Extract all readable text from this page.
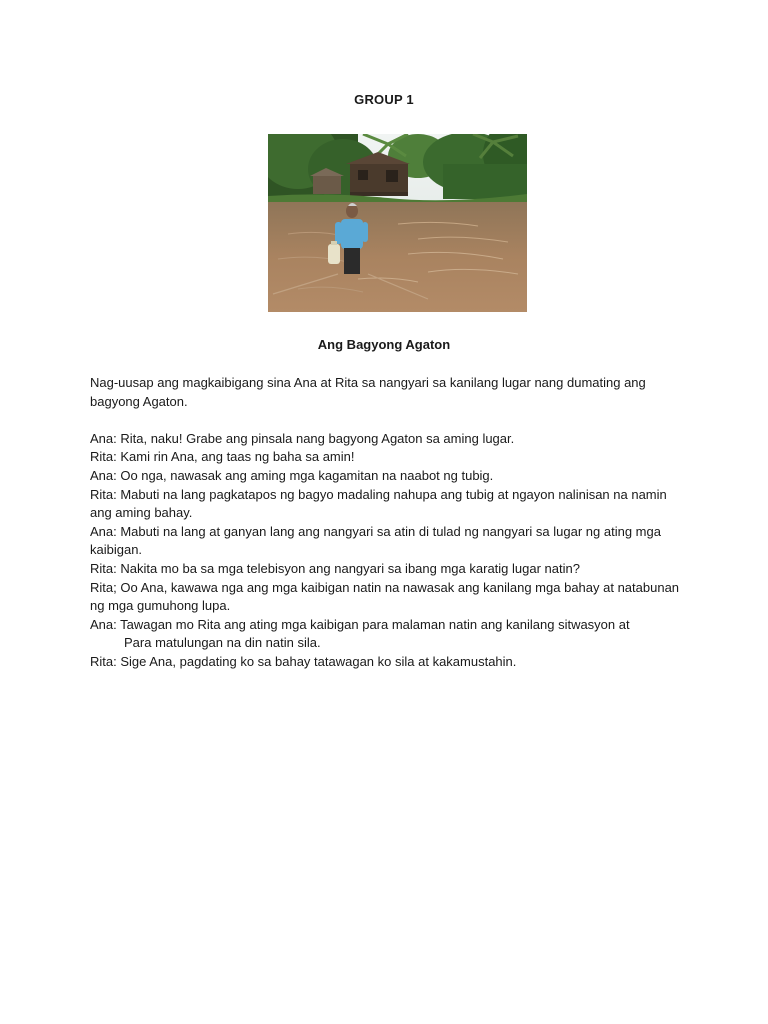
GROUP 1
Ang Bagyong Agaton

Nag-uusap ang magkaibigang sina Ana at Rita sa nangyari sa kanilang lugar nang dumating ang bagyong Agaton.

Ana: Rita, naku! Grabe ang pinsala nang bagyong Agaton sa aming lugar.

Rita: Kami rin Ana, ang taas ng baha sa amin!

Ana: Oo nga, nawasak ang aming mga kagamitan na naabot ng tubig.

Rita: Mabuti na lang pagkatapos ng bagyo madaling nahupa ang tubig at ngayon nalinisan na namin ang aming bahay.

Ana: Mabuti na lang at ganyan lang ang nangyari sa atin di tulad ng nangyari sa lugar ng ating mga kaibigan.

Rita: Nakita mo ba sa mga telebisyon ang nangyari sa ibang mga karatig lugar natin?

Rita; Oo Ana, kawawa nga ang mga kaibigan natin na nawasak ang kanilang mga bahay at natabunan ng mga gumuhong lupa.

Ana: Tawagan mo Rita ang ating mga kaibigan para malaman natin ang kanilang sitwasyon at

Para matulungan na din natin sila.

Rita: Sige Ana, pagdating ko sa bahay tatawagan ko sila at kakamustahin.
